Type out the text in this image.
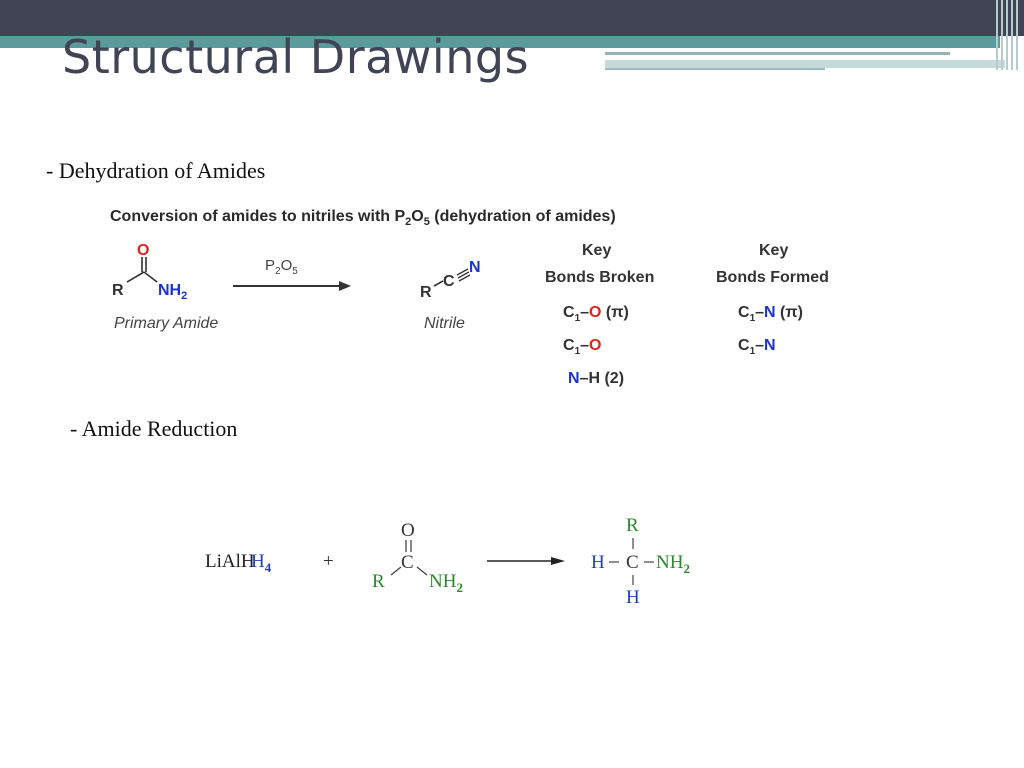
Structural Drawings
- Dehydration of Amides
Conversion of amides to nitriles with $P_2O_5$ (dehydration of amides)
O
R $NH_2$
Primary Amide
$P_2O_5$
R
C
N
Nitrile
Key
Bonds Broken
$C_1-O$ (π)
$C_1-O$
N–H (2)
Key
Bonds Formed
$C_1-N$ (π)
$C_1-N$
- Amide Reduction
LiAlH
$H_4$	+
O
C
R $NH_2$
R
H C $NH_2$
H
